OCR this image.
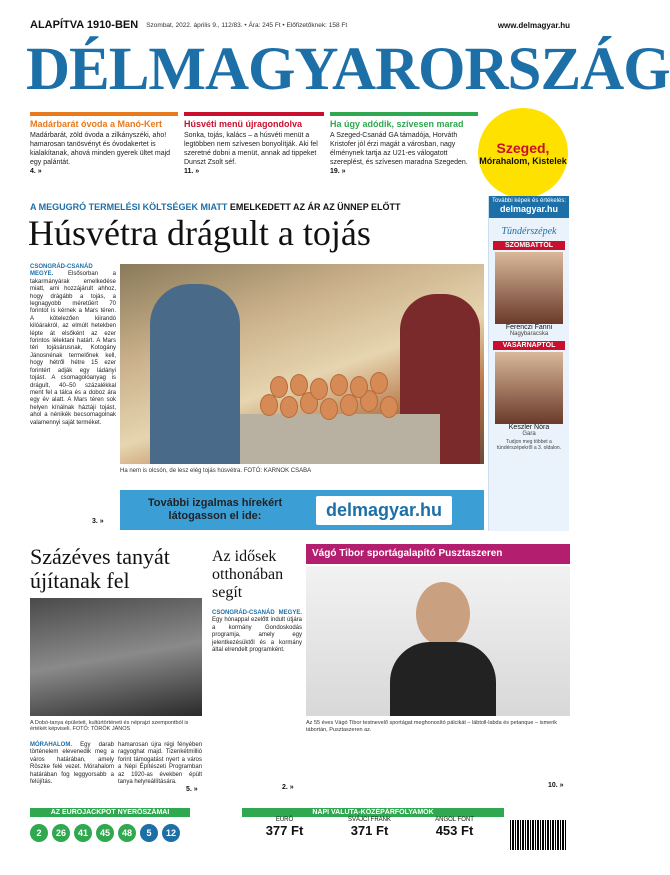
ALAPÍTVA 1910-BEN Szombat, 2022. április 9., 112/83. • Ára: 245 Ft • Előfizetőknek: 158 Ft	www.delmagyar.hu
DÉLMAGYARORSZÁG
Madárbarát óvoda a Manó-Kert
Madárbarát, zöld óvoda a zilkányszéki, aho! hamarosan tanösvényt és óvodakertet is kialakítanak, ahová minden gyerek ültet majd egy palántát.
4. »
Húsvéti menü újragondolva
Sonka, tojás, kalács – a húsvéti menüt a legtöbben nem szívesen bonyolítják. Aki fel szeretné dobni a menüt, annak ad tippeket Dunszt Zsolt séf.
11. »
Ha úgy adódik, szívesen marad
A Szeged-Csanád GA támadója, Horváth Kristofer jól érzi magát a városban, nagy élménynek tartja az U21-es válogatott szereplést, és szívesen maradna Szegeden.
19. »
Szeged,
Mórahalom, Kistelek
A MEGUGRÓ TERMELÉSI KÖLTSÉGEK MIATT EMELKEDETT AZ ÁR AZ ÜNNEP ELŐTT
Húsvétra drágult a tojás
CSONGRÁD-CSANÁD MEGYE. Elsősorban a takarmányárak emelkedése miatt, ami hozzájárult ahhoz, hogy drágább a tojás, a legnagyobb méretűért 70 forintot is kérnek a Mars téren. A kötelezően kiirandó kilóárakról, az elmúlt hetekben lépte át elsőként az ezer forintos lélektani határt. A Mars téri tojásárusnak, Kotogány Jánosnénak termelőnek kell, hogy hétről hétre 15 ezer forintért adják egy ládányi tojást. A csomagolóanyag is drágult, 40–50 százalékkal ment fel a tálca és a doboz ára egy év alatt. A Mars téren sok helyen kínálnak háztáji tojást, ahol a nénikék becsomagolnak valamennyi saját terméket.
3. »
Ha nem is olcsón, de lesz elég tojás húsvétra. FOTÓ: KARNOK CSABA
További izgalmas hírekért látogasson el ide:	delmagyar.hu
További képek és értékelés:
delmagyar.hu
Tündérszépek
SZOMBATTÓL
Ferenczi Fanni
Nagybaracska
VASÁRNAPTÓL
Keszler Nóra
Gara
Tudjon meg többet a tündérszépekről a 3. oldalon.
Százéves tanyát újítanak fel
A Dobó-tanya épületeit, kultúrtörténeti és néprajzi szempontból is értékét képviseli. FOTÓ: TÖRÖK JÁNOS
MÓRAHALOM. Egy darab történelem elevenedik meg a város határában, amely Röszke felé vezet. Mórahalom határában fog leggyorsabb a felújítás.
hamarosan újra régi fényében ragyoghat majd. Tizenkétmillió forint támogatást nyert a város a Népi Építészeti Programban az 1920-as években épült tanya helyreállítására.
5. »
Az idősek otthonában segít
CSONGRÁD-CSANÁD MEGYE. Egy hónappal ezelőtt indult útjára a kormány Gondoskodás programja, amely egy jelentkezésüktől és a kormány által elrendelt programként.
2. »
Vágó Tibor sportágalapító Pusztaszeren
Az 55 éves Vágó Tibor testnevelő sportágat meghonosító pálcikát – lábtoll-labda és petanque – ismerik tábortán, Pusztaszeren az.
10. »
AZ EUROJACKPOT NYERŐSZÁMAI
2 26 41 45 48 5 12
NAPI VALUTA-KÖZÉPÁRFOLYAMOK
EURÓ
377 Ft
SVÁJCI FRANK
371 Ft
ANGOL FONT
453 Ft
